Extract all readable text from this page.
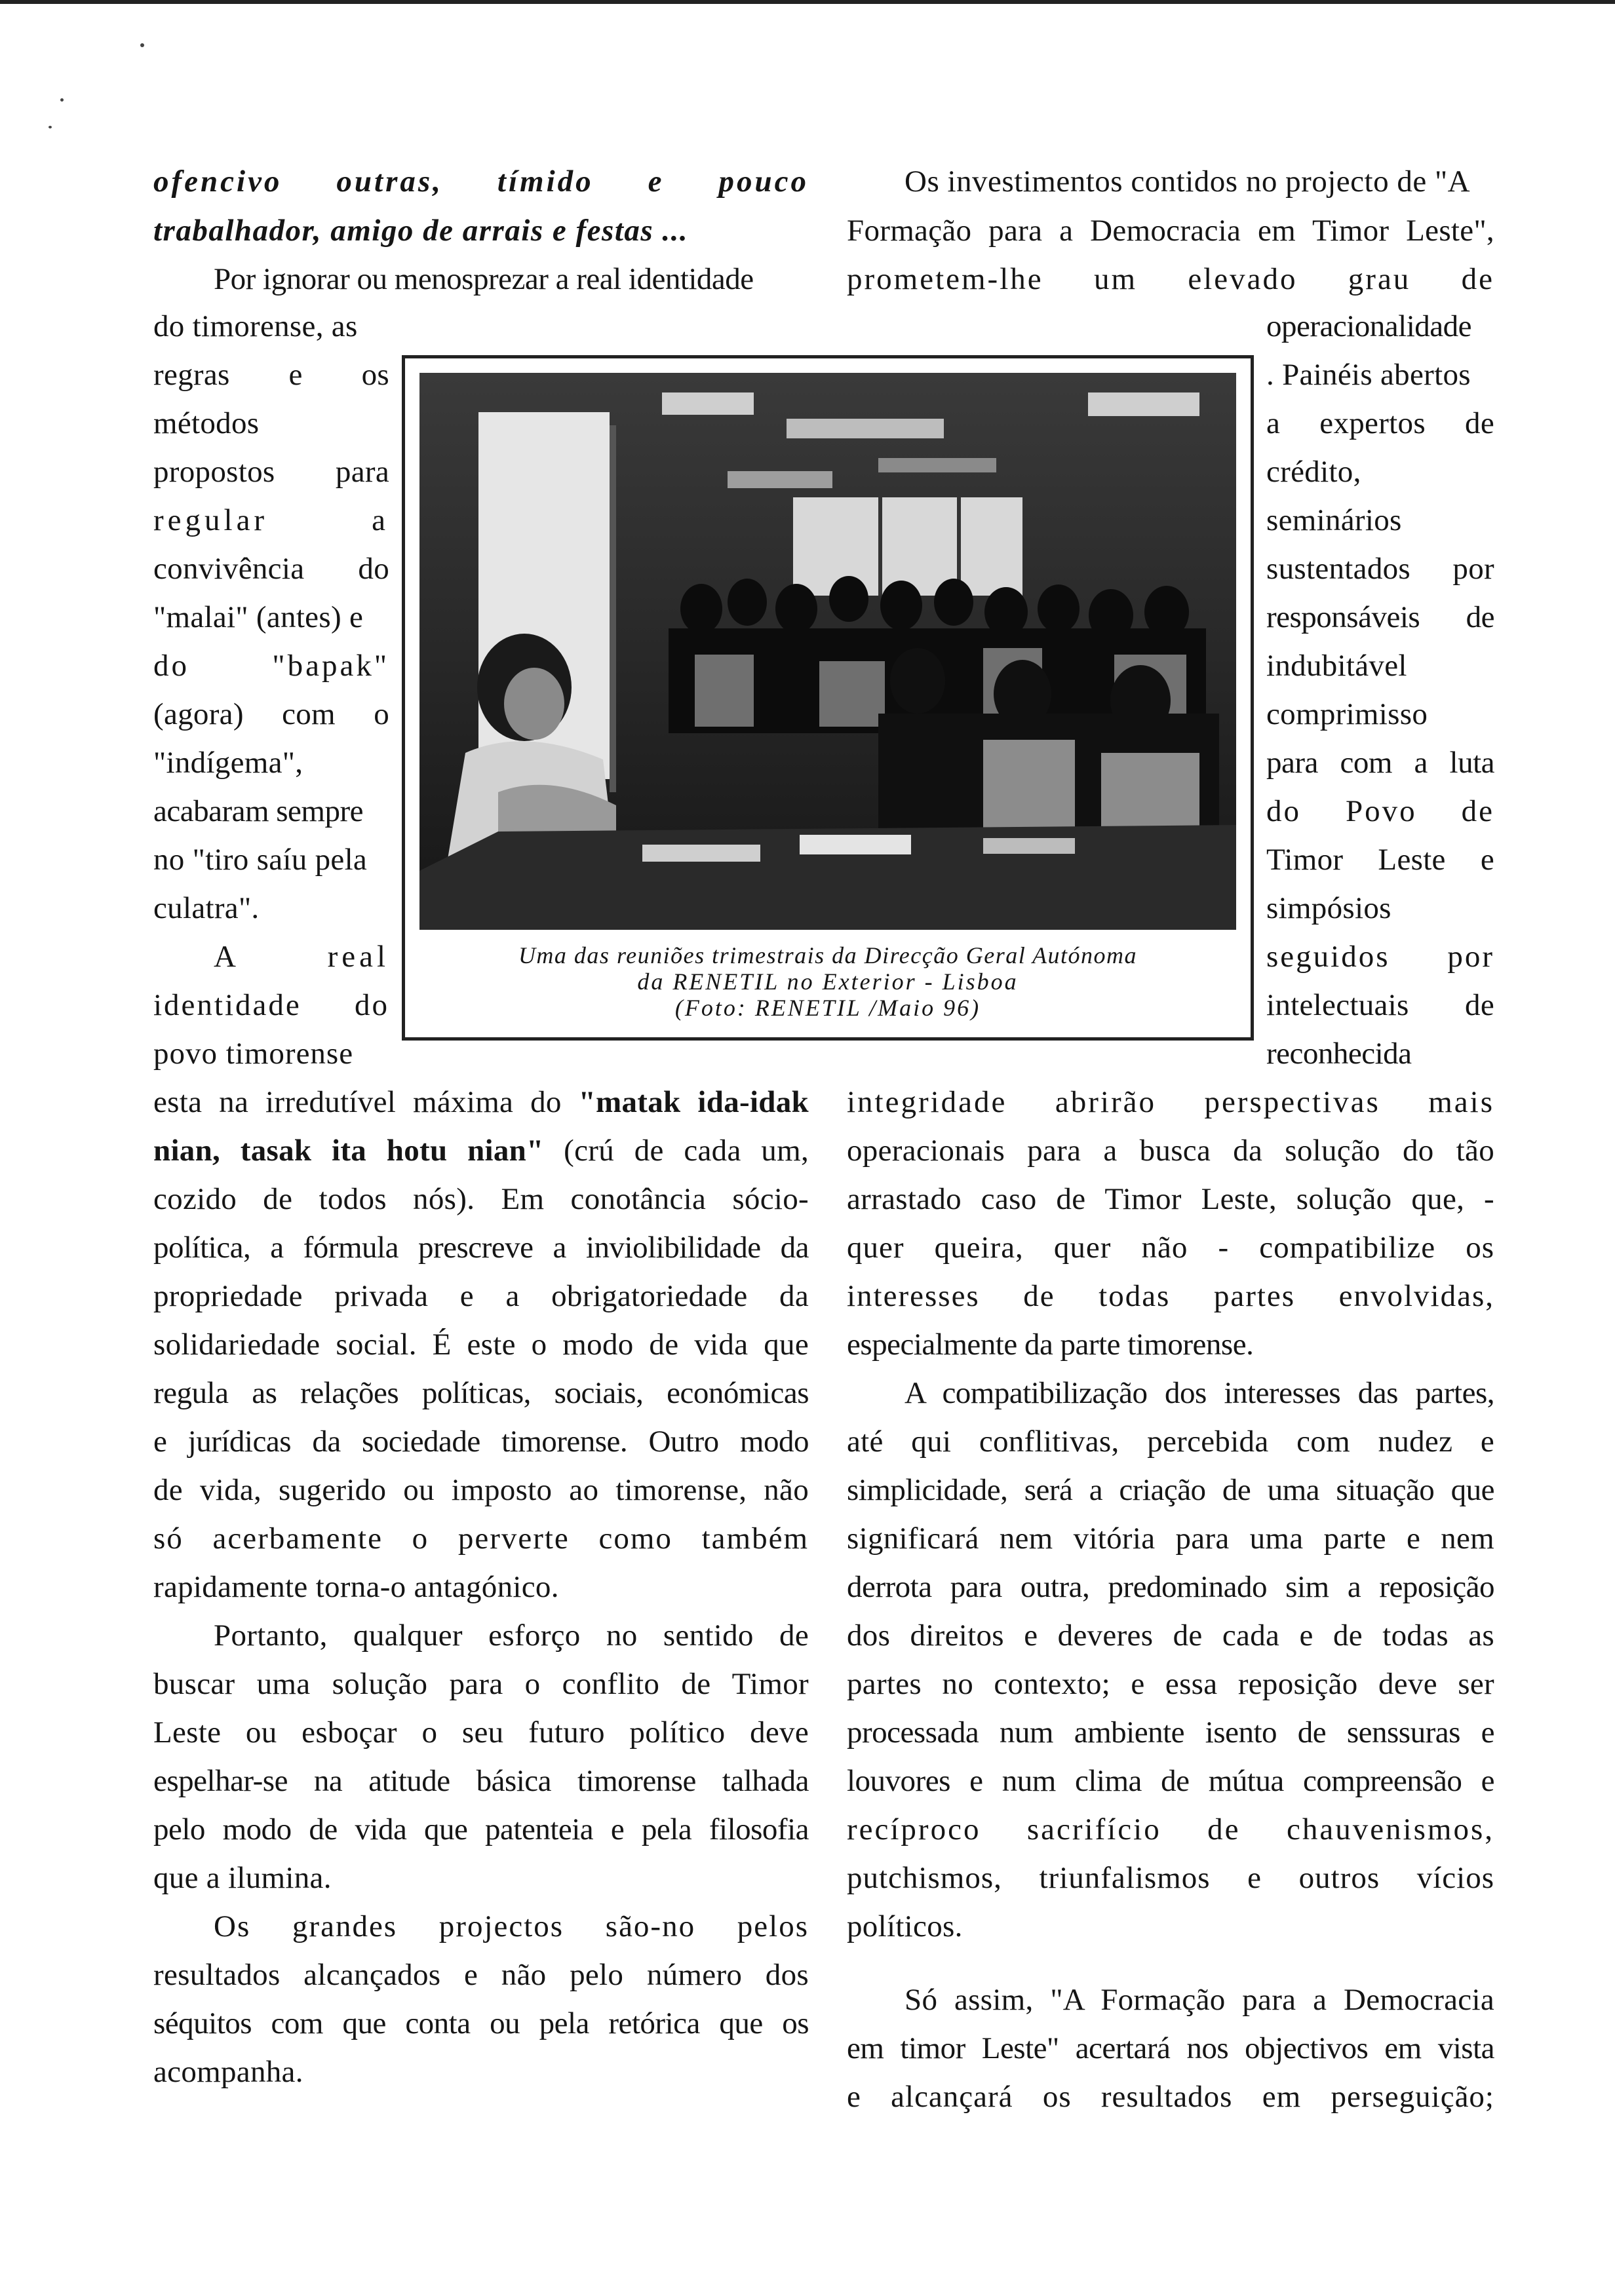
ofencivo outras, tímido e pouco
trabalhador, amigo de arrais e festas ...
Por ignorar ou menosprezar a real identidade
do timorense, as
regras e os
métodos
propostos para
regular a
convivência do
"malai" (antes) e
do "bapak"
(agora) com o
"indígema",
acabaram sempre
no "tiro saíu pela
culatra".
A real
identidade do
povo timorense
esta na irredutível máxima do "matak ida-idak
nian, tasak ita hotu nian" (crú de cada um,
cozido de todos nós). Em conotância sócio-
política, a fórmula prescreve a inviolibilidade da
propriedade privada e a obrigatoriedade da
solidariedade social. É este o modo de vida que
regula as relações políticas, sociais, económicas
e jurídicas da sociedade timorense. Outro modo
de vida, sugerido ou imposto ao timorense, não
só acerbamente o perverte como também
rapidamente torna-o antagónico.
Portanto, qualquer esforço no sentido de
buscar uma solução para o conflito de Timor
Leste ou esboçar o seu futuro político deve
espelhar-se na atitude básica timorense talhada
pelo modo de vida que patenteia e pela filosofia
que a ilumina.
Os grandes projectos são-no pelos
resultados alcançados e não pelo número dos
séquitos com que conta ou pela retórica que os
acompanha.
Os investimentos contidos no projecto de "A
Formação para a Democracia em Timor Leste",
prometem-lhe um elevado grau de
operacionalidade
. Painéis abertos
a expertos de
crédito,
seminários
sustentados por
responsáveis de
indubitável
comprimisso
para com a luta
do Povo de
Timor Leste e
simpósios
seguidos por
intelectuais de
reconhecida
integridade abrirão perspectivas mais
operacionais para a busca da solução do tão
arrastado caso de Timor Leste, solução que, -
quer queira, quer não - compatibilize os
interesses de todas partes envolvidas,
especialmente da parte timorense.
A compatibilização dos interesses das partes,
até qui conflitivas, percebida com nudez e
simplicidade, será a criação de uma situação que
significará nem vitória para uma parte e nem
derrota para outra, predominado sim a reposição
dos direitos e deveres de cada e de todas as
partes no contexto; e essa reposição deve ser
processada num ambiente isento de senssuras e
louvores e num clima de mútua compreensão e
recíproco sacrifício de chauvenismos,
putchismos, triunfalismos e outros vícios
políticos.
Só assim, "A Formação para a Democracia
em timor Leste" acertará nos objectivos em vista
e alcançará os resultados em perseguição;
Uma das reuniões trimestrais da Direcção Geral Autónoma
da RENETIL no Exterior - Lisboa
(Foto: RENETIL /Maio 96)
